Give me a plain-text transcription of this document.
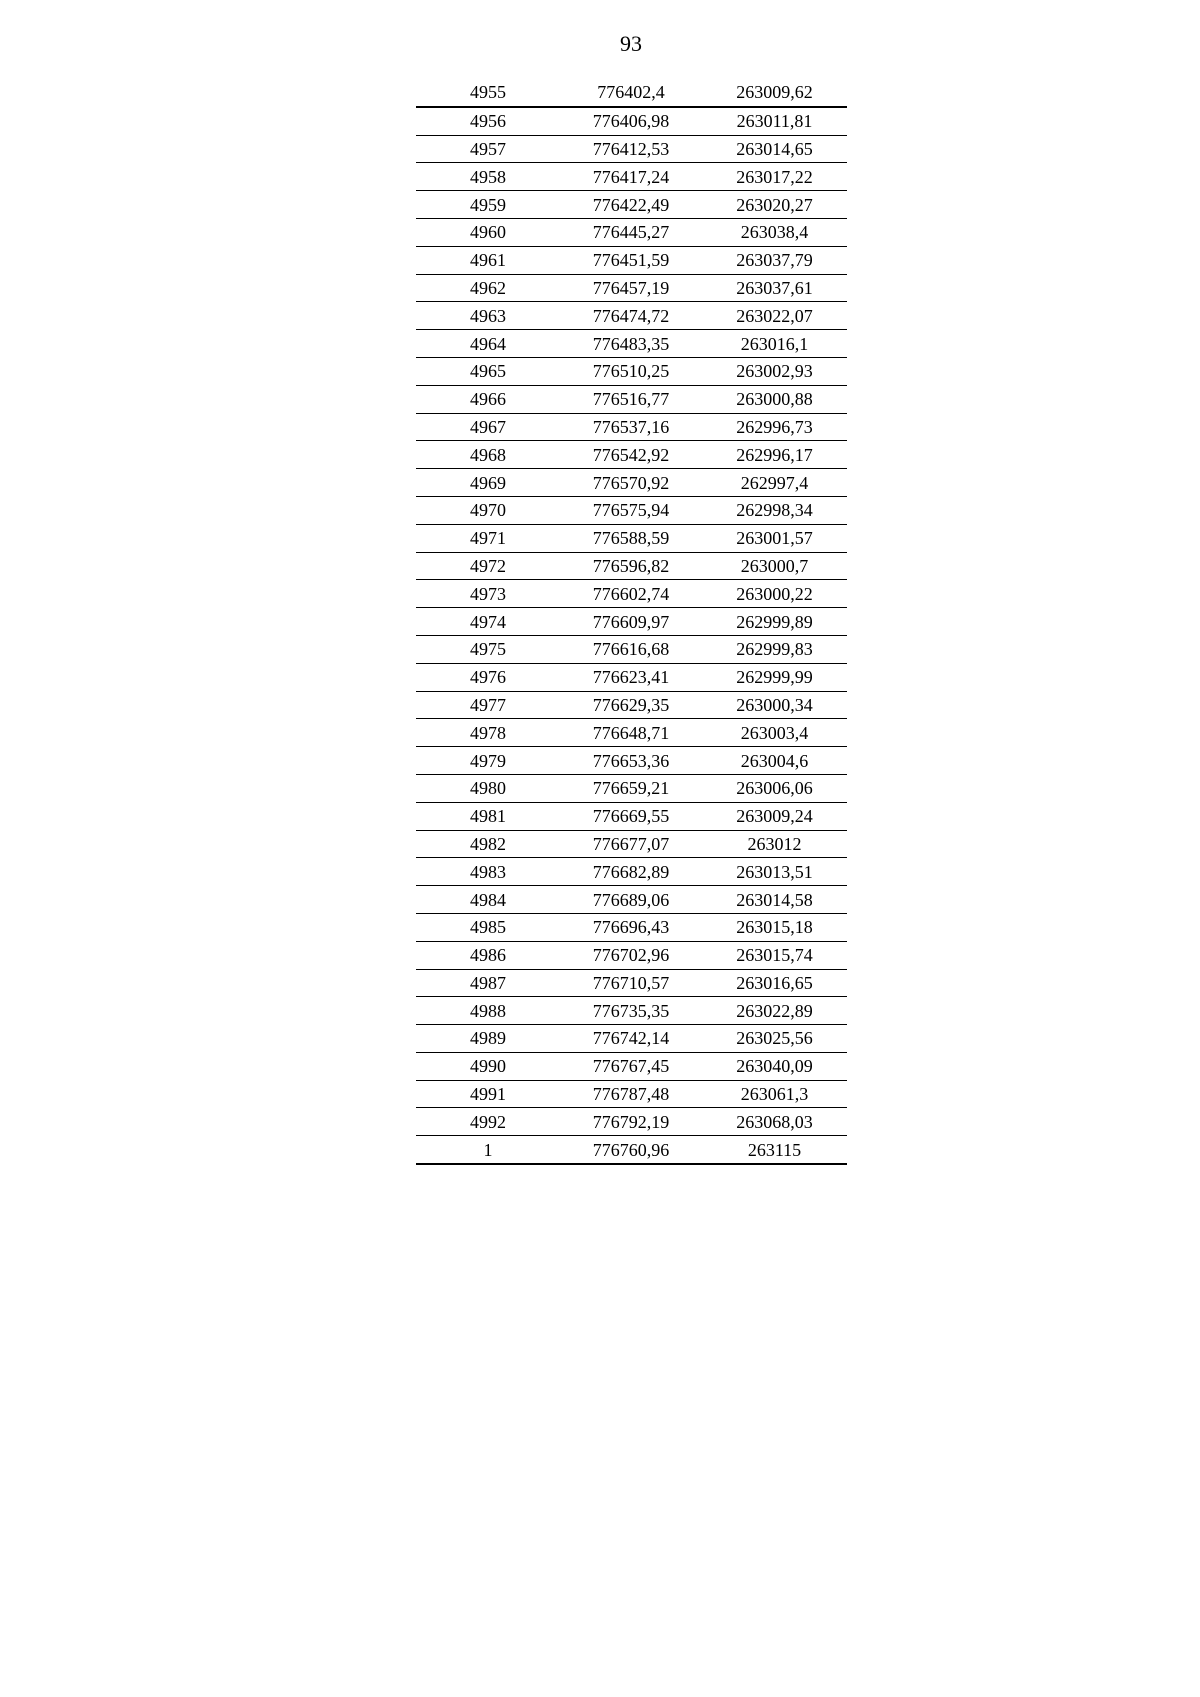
93
4955	776402,4	263009,62
4956	776406,98	263011,81
4957	776412,53	263014,65
4958	776417,24	263017,22
4959	776422,49	263020,27
4960	776445,27	263038,4
4961	776451,59	263037,79
4962	776457,19	263037,61
4963	776474,72	263022,07
4964	776483,35	263016,1
4965	776510,25	263002,93
4966	776516,77	263000,88
4967	776537,16	262996,73
4968	776542,92	262996,17
4969	776570,92	262997,4
4970	776575,94	262998,34
4971	776588,59	263001,57
4972	776596,82	263000,7
4973	776602,74	263000,22
4974	776609,97	262999,89
4975	776616,68	262999,83
4976	776623,41	262999,99
4977	776629,35	263000,34
4978	776648,71	263003,4
4979	776653,36	263004,6
4980	776659,21	263006,06
4981	776669,55	263009,24
4982	776677,07	263012
4983	776682,89	263013,51
4984	776689,06	263014,58
4985	776696,43	263015,18
4986	776702,96	263015,74
4987	776710,57	263016,65
4988	776735,35	263022,89
4989	776742,14	263025,56
4990	776767,45	263040,09
4991	776787,48	263061,3
4992	776792,19	263068,03
1	776760,96	263115
